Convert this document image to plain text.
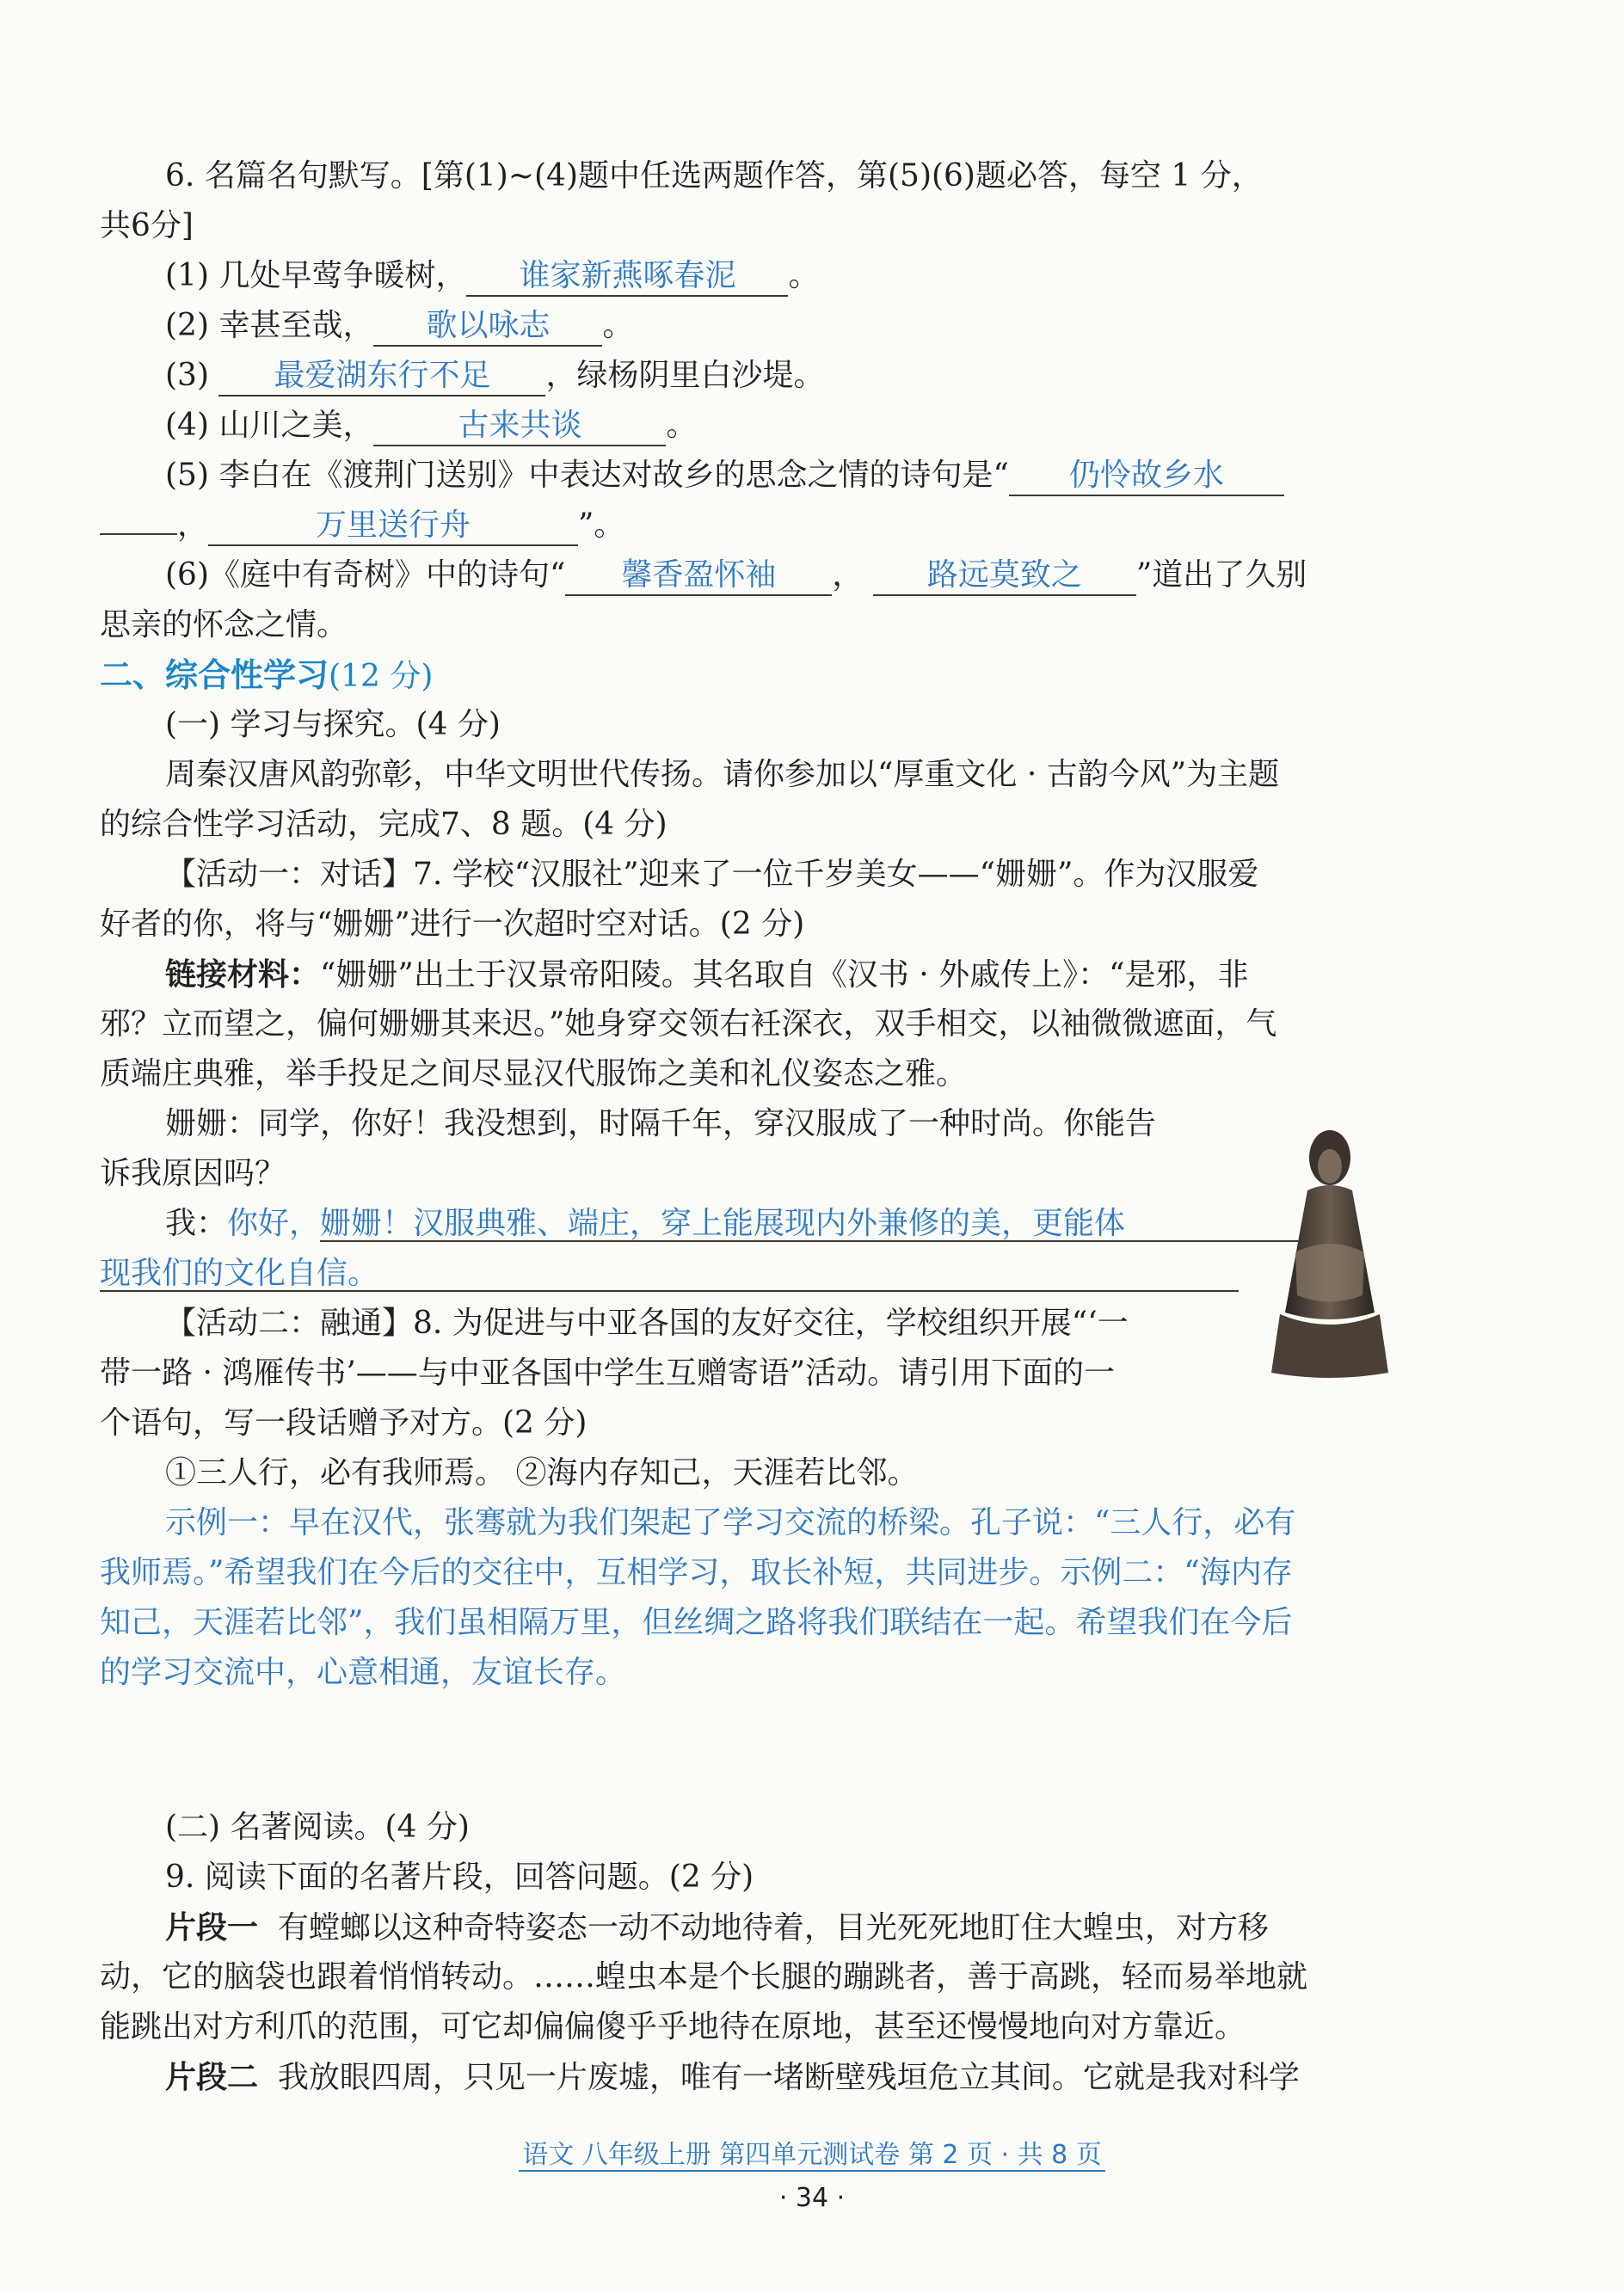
6. 名篇名句默写。[第(1)~(4)题中任选两题作答，第(5)(6)题必答，每空 1 分，
共6分]
(1) 几处早莺争暖树， 谁家新燕啄春泥 。
(2) 幸甚至哉， 歌以咏志 。
(3) 最爱湖东行不足 ，绿杨阴里白沙堤。
(4) 山川之美，	古来共谈	。
(5) 李白在《渡荆门送别》中表达对故乡的思念之情的诗句是“ 仍怜故乡水
，	万里送行舟	”。
(6)《庭中有奇树》中的诗句“ 馨香盈怀袖 ， 路远莫致之 ”道出了久别
思亲的怀念之情。
二、综合性学习(12 分)
(一) 学习与探究。(4 分)
周秦汉唐风韵弥彰，中华文明世代传扬。请你参加以“厚重文化 · 古韵今风”为主题
的综合性学习活动，完成7、8 题。(4 分)
【活动一：对话】7. 学校“汉服社”迎来了一位千岁美女——“姗姗”。作为汉服爱
好者的你，将与“姗姗”进行一次超时空对话。(2 分)
链接材料：“姗姗”出土于汉景帝阳陵。其名取自《汉书 · 外戚传上》：“是邪，非
邪？立而望之，偏何姗姗其来迟。”她身穿交领右衽深衣，双手相交，以袖微微遮面，气
质端庄典雅，举手投足之间尽显汉代服饰之美和礼仪姿态之雅。
姗姗：同学，你好！我没想到，时隔千年，穿汉服成了一种时尚。你能告
诉我原因吗？
我：你好，姗姗！汉服典雅、端庄，穿上能展现内外兼修的美，更能体
现我们的文化自信。
【活动二：融通】8. 为促进与中亚各国的友好交往，学校组织开展“‘一
带一路 · 鸿雁传书’——与中亚各国中学生互赠寄语”活动。请引用下面的一
个语句，写一段话赠予对方。(2 分)
①三人行，必有我师焉。 ②海内存知己，天涯若比邻。
示例一：早在汉代，张骞就为我们架起了学习交流的桥梁。孔子说：“三人行，必有
我师焉。”希望我们在今后的交往中，互相学习，取长补短，共同进步。示例二：“海内存
知己，天涯若比邻”，我们虽相隔万里，但丝绸之路将我们联结在一起。希望我们在今后
的学习交流中，心意相通，友谊长存。
(二) 名著阅读。(4 分)
9. 阅读下面的名著片段，回答问题。(2 分)
片段一 有螳螂以这种奇特姿态一动不动地待着，目光死死地盯住大蝗虫，对方移
动，它的脑袋也跟着悄悄转动。……蝗虫本是个长腿的蹦跳者，善于高跳，轻而易举地就
能跳出对方利爪的范围，可它却偏偏傻乎乎地待在原地，甚至还慢慢地向对方靠近。
片段二 我放眼四周，只见一片废墟，唯有一堵断壁残垣危立其间。它就是我对科学
语文 八年级上册 第四单元测试卷 第 2 页 · 共 8 页
· 34 ·
